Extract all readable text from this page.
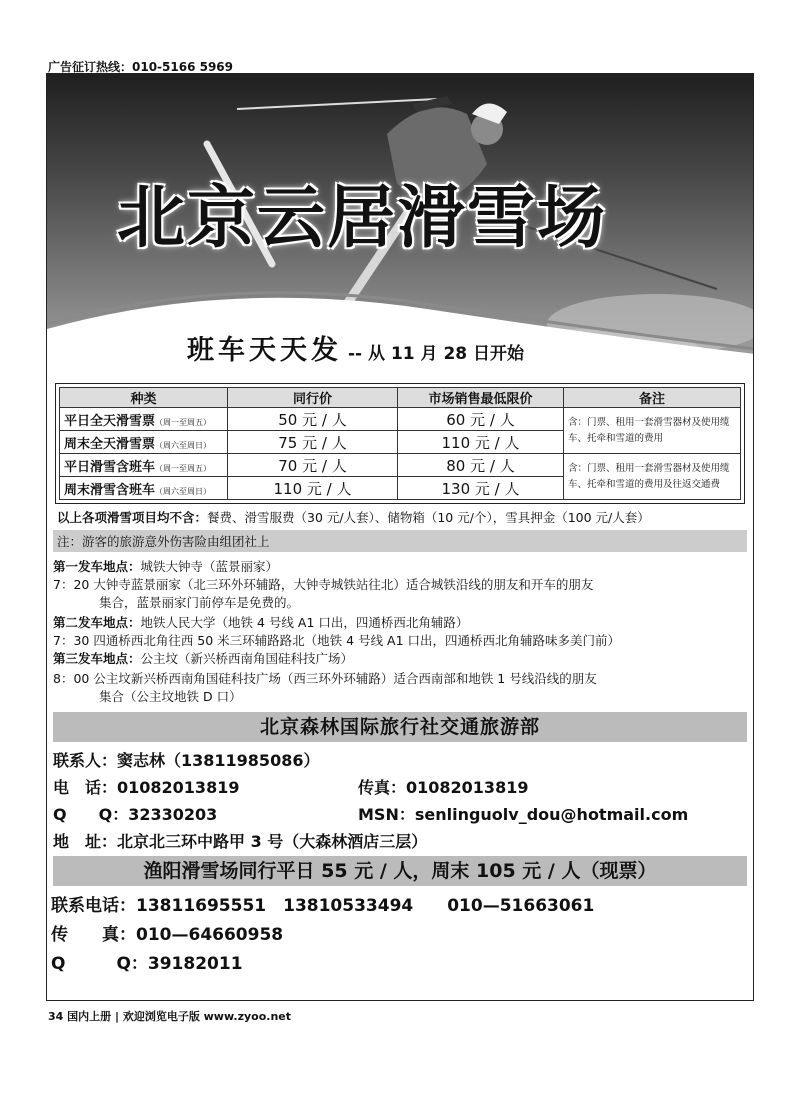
广告征订热线：010-5166 5969
北京云居滑雪场
班车天天发 -- 从 11 月 28 日开始
种类	同行价	市场销售最低限价	备注
平日全天滑雪票（周一至周五）	50 元 / 人	60 元 / 人	含：门票、租用一套滑雪器材及使用缆车、托牵和雪道的费用
周末全天滑雪票（周六至周日）	75 元 / 人	110 元 / 人	
平日滑雪含班车（周一至周五）	70 元 / 人	80 元 / 人	含：门票、租用一套滑雪器材及使用缆车、托牵和雪道的费用及往返交通费
周末滑雪含班车（周六至周日）	110 元 / 人	130 元 / 人	
以上各项滑雪项目均不含：餐费、滑雪服费（30 元/人套）、储物箱（10 元/个），雪具押金（100 元/人套）
注：游客的旅游意外伤害险由组团社上
第一发车地点：城铁大钟寺（蓝景丽家）
7：20 大钟寺蓝景丽家（北三环外环辅路，大钟寺城铁站往北）适合城铁沿线的朋友和开车的朋友
集合，蓝景丽家门前停车是免费的。
第二发车地点：地铁人民大学（地铁 4 号线 A1 口出，四通桥西北角辅路）
7：30 四通桥西北角往西 50 米三环辅路路北（地铁 4 号线 A1 口出，四通桥西北角辅路味多美门前）
第三发车地点：公主坟（新兴桥西南角国硅科技广场）
8：00 公主坟新兴桥西南角国硅科技广场（西三环外环辅路）适合西南部和地铁 1 号线沿线的朋友
集合（公主坟地铁 D 口）
北京森林国际旅行社交通旅游部
联系人：窦志林（13811985086）
电　话：01082013819	传真：01082013819
Q　　Q：32330203	MSN：senlinguolv_dou@hotmail.com
地　址：北京北三环中路甲 3 号（大森林酒店三层）
渔阳滑雪场同行平日 55 元 / 人，周末 105 元 / 人（现票）
联系电话：13811695551　13810533494　　010—51663061
传　　真：010—64660958
Q　　　Q：39182011
34 国内上册 | 欢迎浏览电子版 www.zyoo.net
